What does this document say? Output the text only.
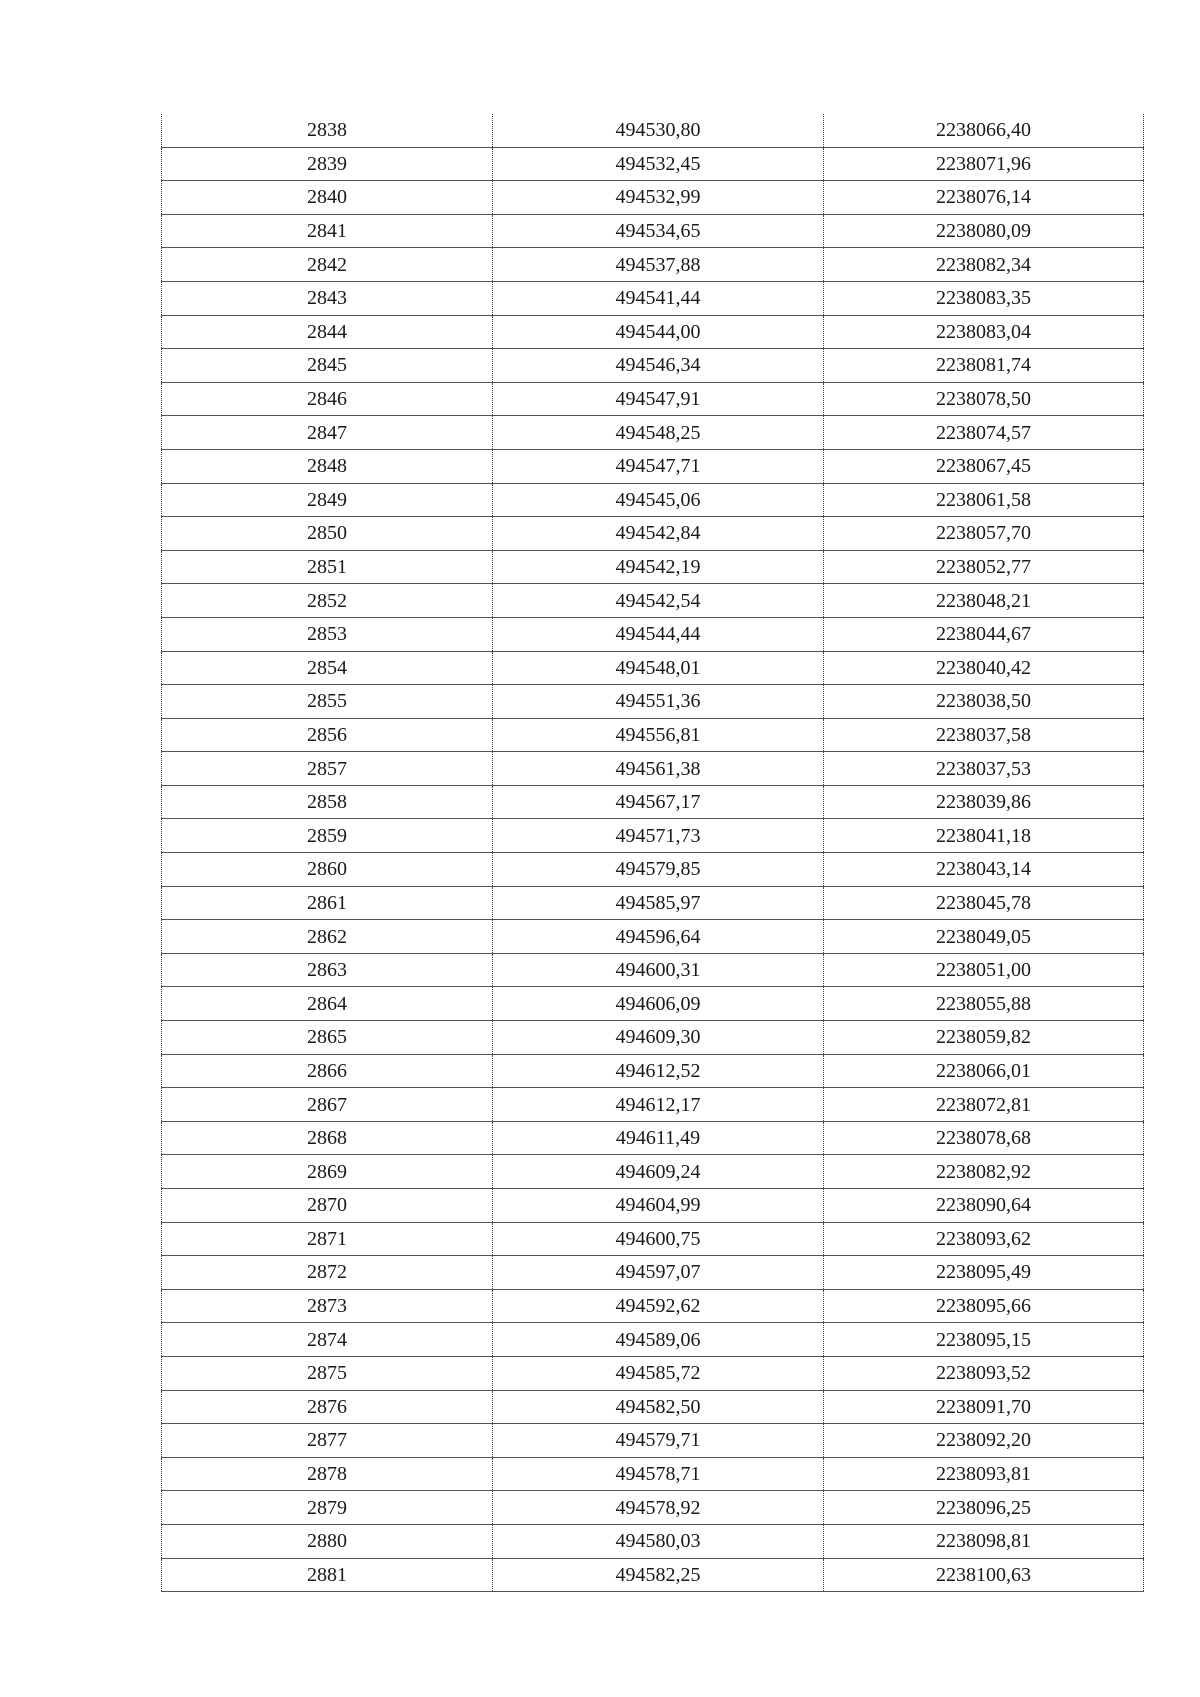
2838	494530,80	2238066,40
2839	494532,45	2238071,96
2840	494532,99	2238076,14
2841	494534,65	2238080,09
2842	494537,88	2238082,34
2843	494541,44	2238083,35
2844	494544,00	2238083,04
2845	494546,34	2238081,74
2846	494547,91	2238078,50
2847	494548,25	2238074,57
2848	494547,71	2238067,45
2849	494545,06	2238061,58
2850	494542,84	2238057,70
2851	494542,19	2238052,77
2852	494542,54	2238048,21
2853	494544,44	2238044,67
2854	494548,01	2238040,42
2855	494551,36	2238038,50
2856	494556,81	2238037,58
2857	494561,38	2238037,53
2858	494567,17	2238039,86
2859	494571,73	2238041,18
2860	494579,85	2238043,14
2861	494585,97	2238045,78
2862	494596,64	2238049,05
2863	494600,31	2238051,00
2864	494606,09	2238055,88
2865	494609,30	2238059,82
2866	494612,52	2238066,01
2867	494612,17	2238072,81
2868	494611,49	2238078,68
2869	494609,24	2238082,92
2870	494604,99	2238090,64
2871	494600,75	2238093,62
2872	494597,07	2238095,49
2873	494592,62	2238095,66
2874	494589,06	2238095,15
2875	494585,72	2238093,52
2876	494582,50	2238091,70
2877	494579,71	2238092,20
2878	494578,71	2238093,81
2879	494578,92	2238096,25
2880	494580,03	2238098,81
2881	494582,25	2238100,63
